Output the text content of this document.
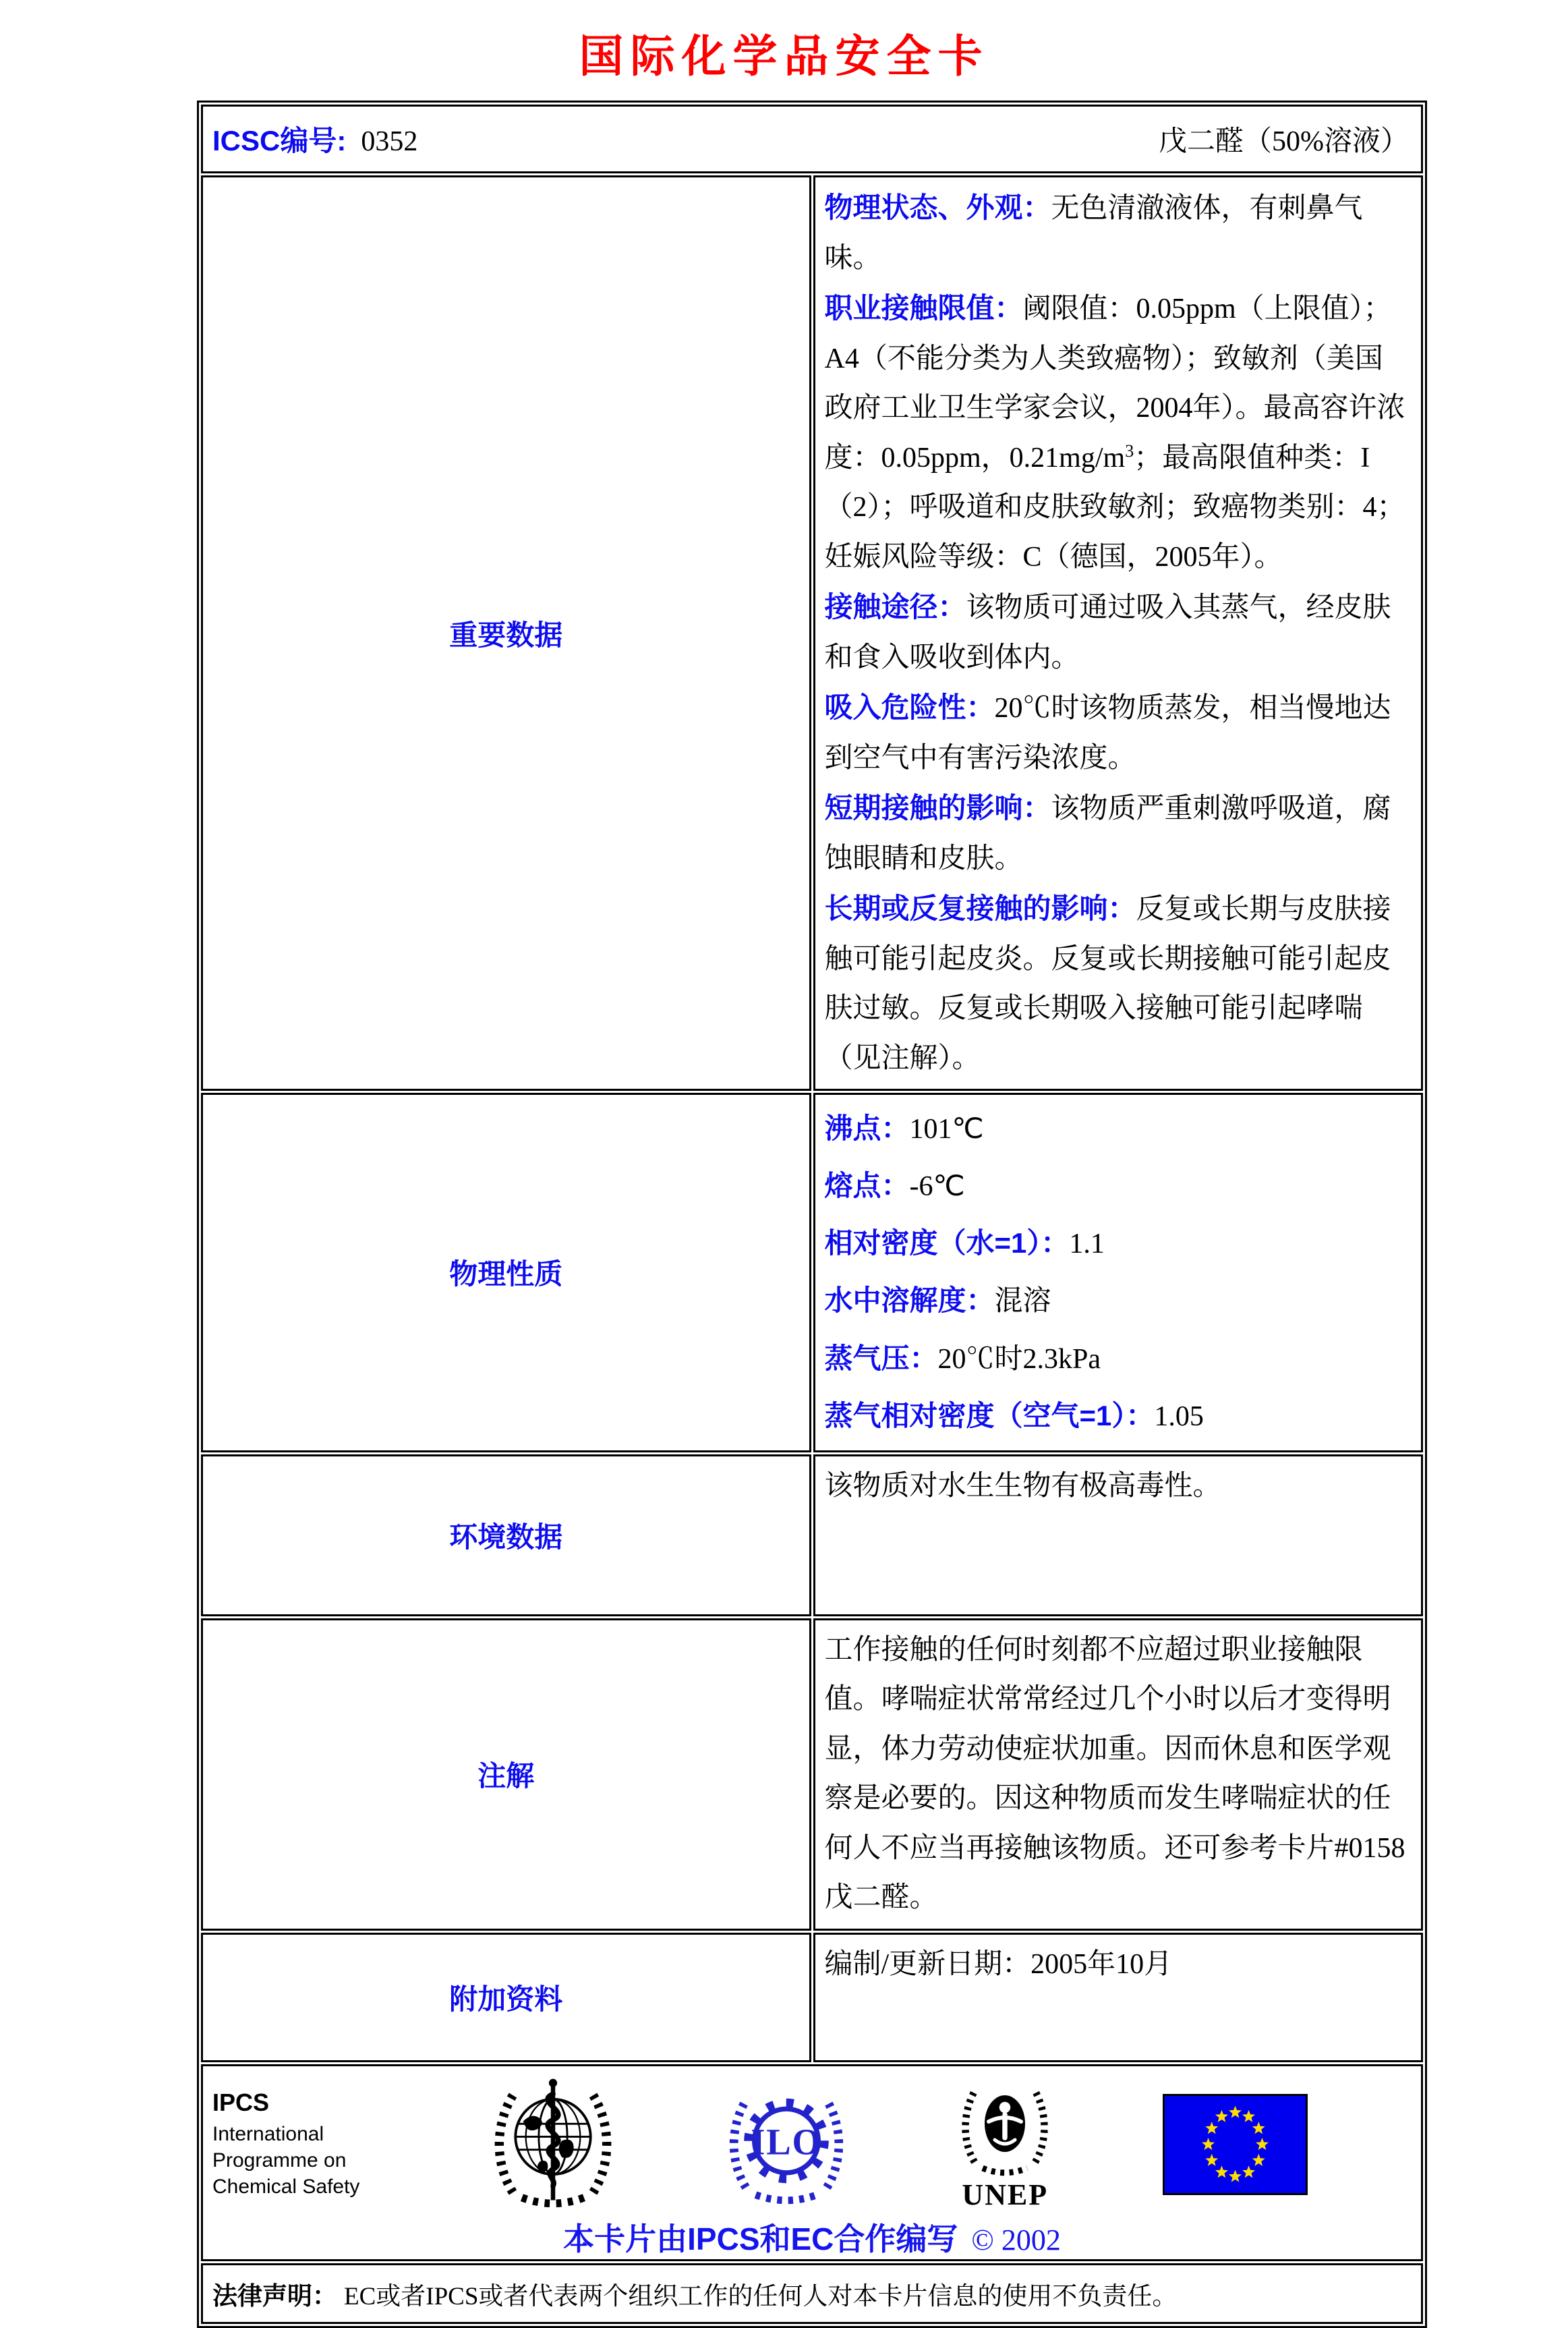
国际化学品安全卡
ICSC编号: 0352 戊二醛（50%溶液）	

重要数据	
物理状态、外观：无色清澈液体，有刺鼻气味。
职业接触限值：阈限值：0.05ppm（上限值）；A4（不能分类为人类致癌物）；致敏剂（美国政府工业卫生学家会议，2004年）。最高容许浓度：0.05ppm，$0.21mg/m^3$；最高限值种类：I（2）；呼吸道和皮肤致敏剂；致癌物类别：4；妊娠风险等级：C（德国，2005年）。
接触途径：该物质可通过吸入其蒸气，经皮肤和食入吸收到体内。
吸入危险性：20℃时该物质蒸发，相当慢地达到空气中有害污染浓度。
短期接触的影响：该物质严重刺激呼吸道，腐蚀眼睛和皮肤。
长期或反复接触的影响：反复或长期与皮肤接触可能引起皮炎。反复或长期接触可能引起皮肤过敏。反复或长期吸入接触可能引起哮喘（见注解）。

物理性质	
沸点：101℃
熔点：-6℃
相对密度（水=1）：1.1
水中溶解度：混溶
蒸气压：20℃时2.3kPa
蒸气相对密度（空气=1）：1.05

环境数据	该物质对水生生物有极高毒性。

注解	工作接触的任何时刻都不应超过职业接触限值。哮喘症状常常经过几个小时以后才变得明显，体力劳动使症状加重。因而休息和医学观察是必要的。因这种物质而发生哮喘症状的任何人不应当再接触该物质。还可参考卡片#0158 戊二醛。

附加资料	编制/更新日期：2005年10月

IPCS
International
Programme on
Chemical Safety
ILO
UNEP
本卡片由IPCS和EC合作编写 © 2002

法律声明： EC或者IPCS或者代表两个组织工作的任何人对本卡片信息的使用不负责任。	
